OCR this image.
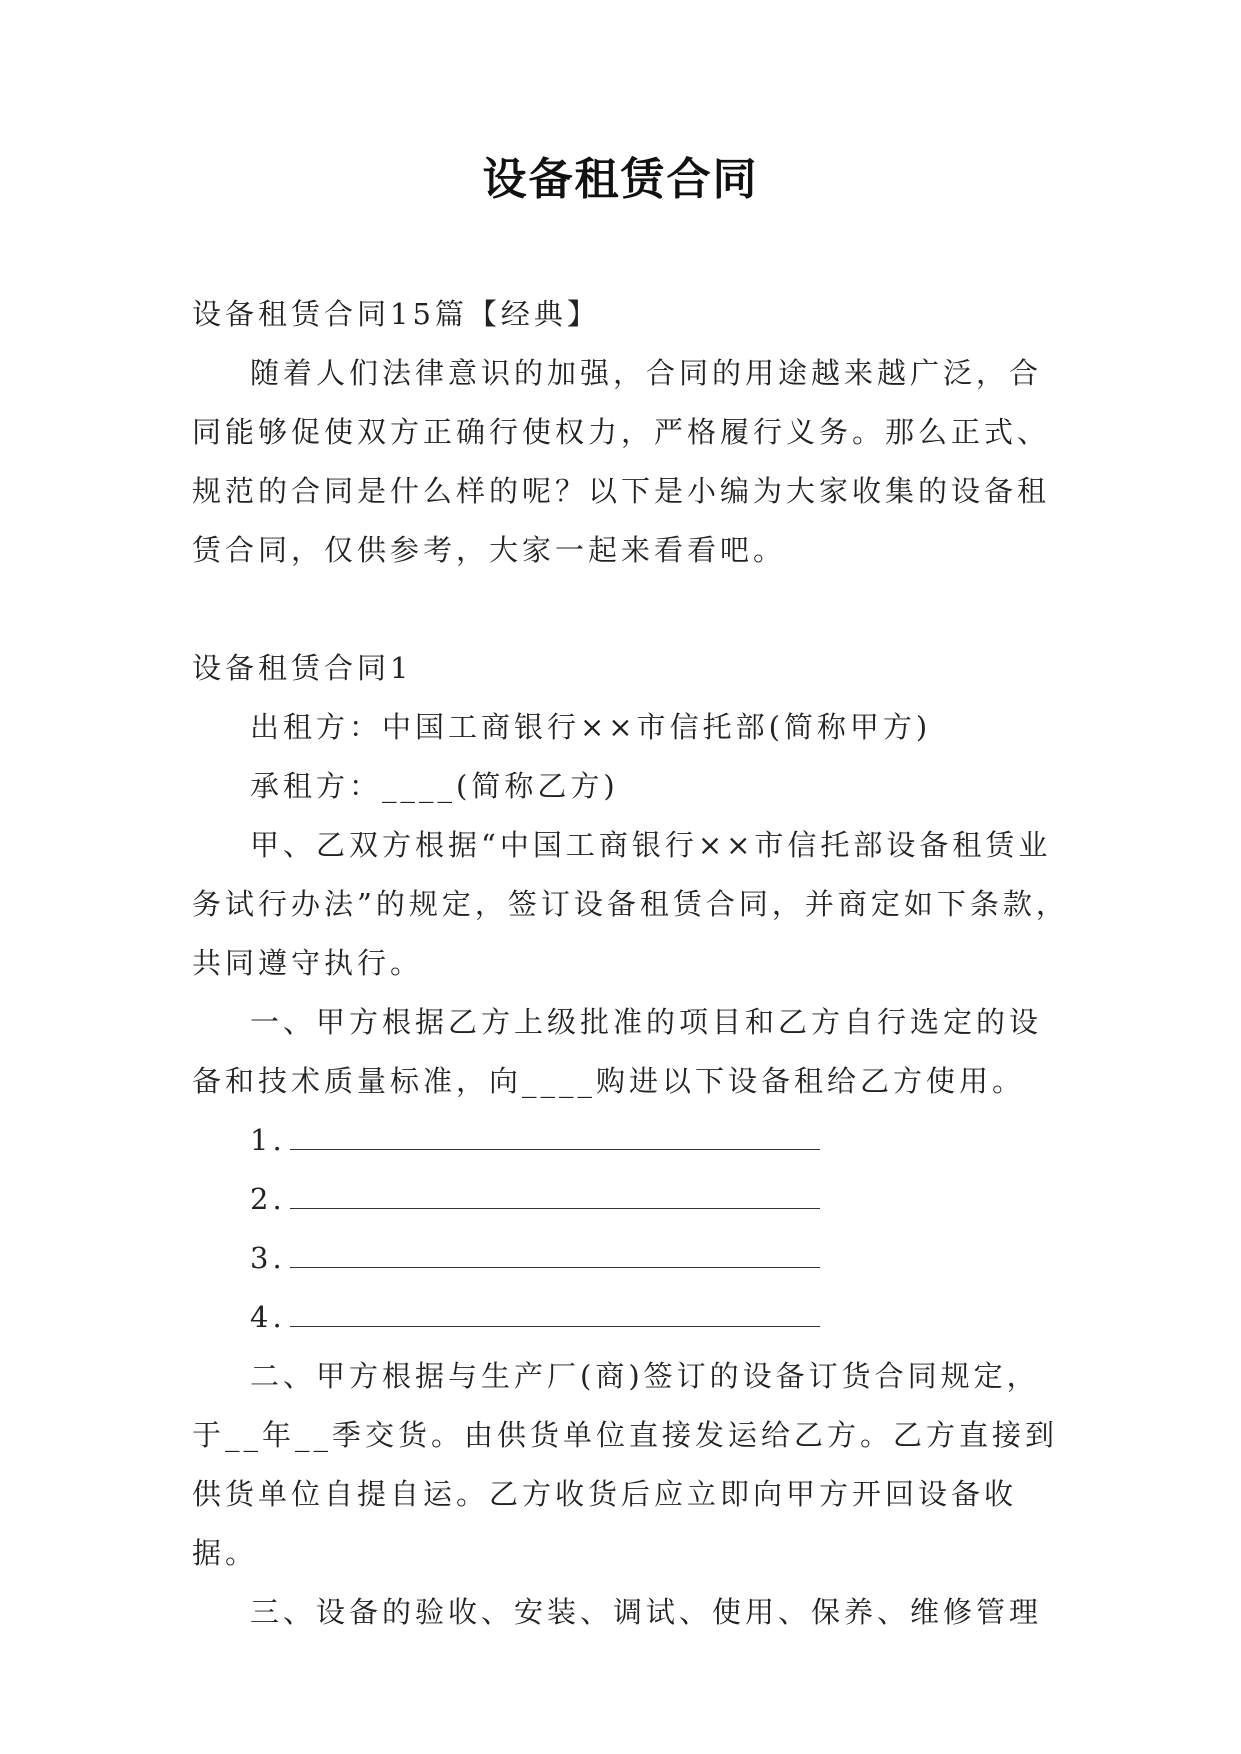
设备租赁合同

设备租赁合同15篇【经典】

随着人们法律意识的加强，合同的用途越来越广泛，合同能够促使双方正确行使权力，严格履行义务。那么正式、规范的合同是什么样的呢？以下是小编为大家收集的设备租赁合同，仅供参考，大家一起来看看吧。

设备租赁合同1

出租方：中国工商银行××市信托部(简称甲方)

承租方：____(简称乙方)

甲、乙双方根据“中国工商银行××市信托部设备租赁业务试行办法”的规定，签订设备租赁合同，并商定如下条款，共同遵守执行。

一、甲方根据乙方上级批准的项目和乙方自行选定的设备和技术质量标准，向____购进以下设备租给乙方使用。

1.
2.
3.
4.

二、甲方根据与生产厂(商)签订的设备订货合同规定，于__年__季交货。由供货单位直接发运给乙方。乙方直接到供货单位自提自运。乙方收货后应立即向甲方开回设备收据。

三、设备的验收、安装、调试、使用、保养、维修管理
